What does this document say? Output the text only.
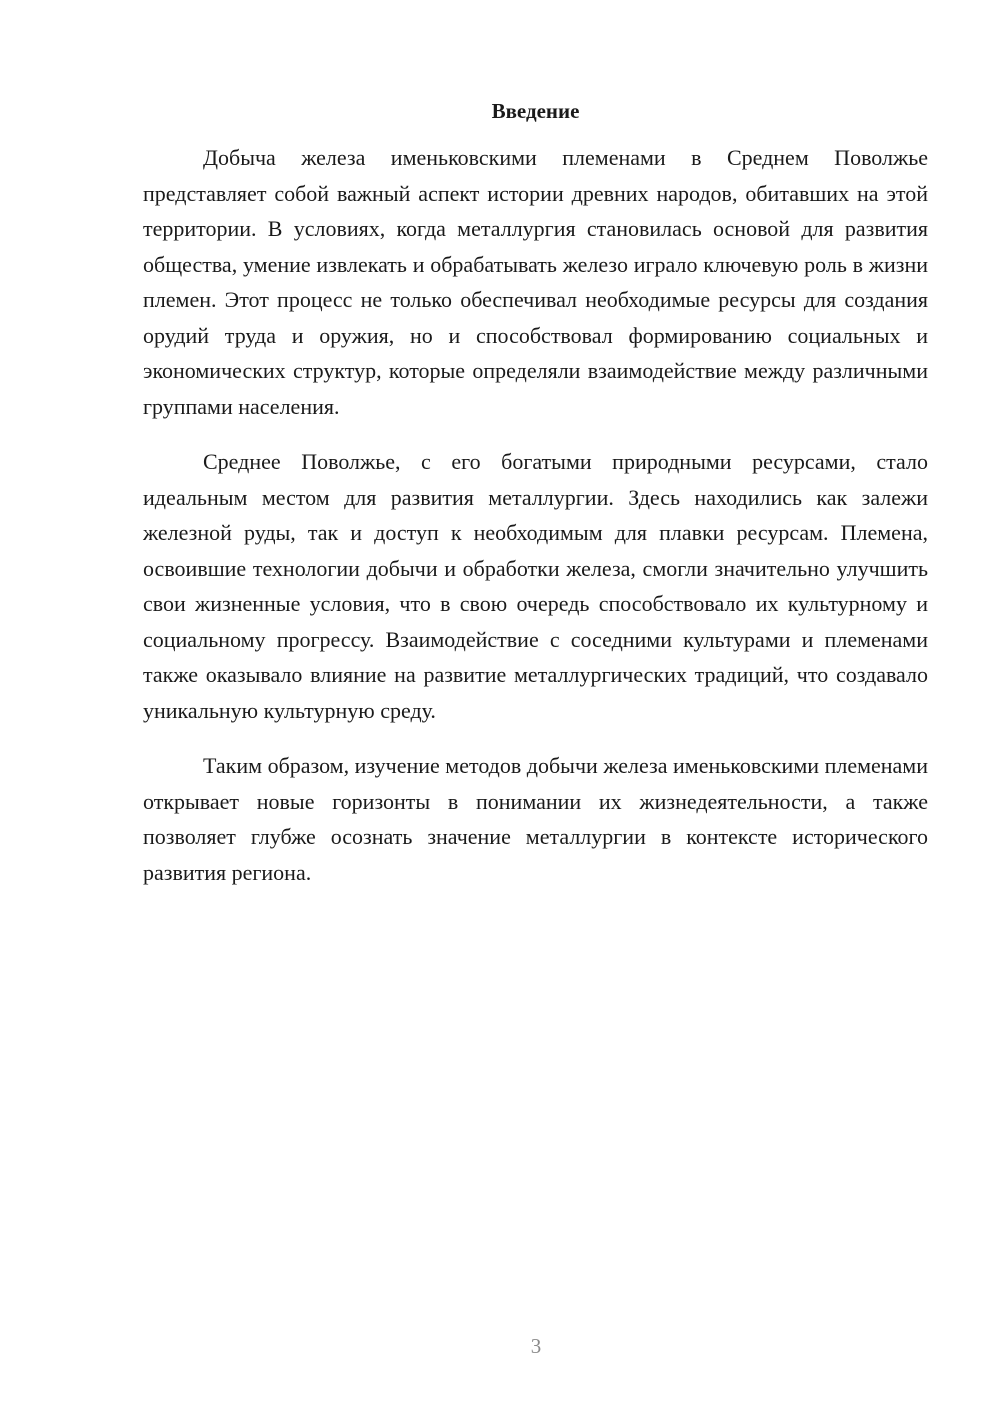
Введение

Добыча железа именьковскими племенами в Среднем Поволжье представляет собой важный аспект истории древних народов, обитавших на этой территории. В условиях, когда металлургия становилась основой для развития общества, умение извлекать и обрабатывать железо играло ключевую роль в жизни племен. Этот процесс не только обеспечивал необходимые ресурсы для создания орудий труда и оружия, но и способствовал формированию социальных и экономических структур, которые определяли взаимодействие между различными группами населения.

Среднее Поволжье, с его богатыми природными ресурсами, стало идеальным местом для развития металлургии. Здесь находились как залежи железной руды, так и доступ к необходимым для плавки ресурсам. Племена, освоившие технологии добычи и обработки железа, смогли значительно улучшить свои жизненные условия, что в свою очередь способствовало их культурному и социальному прогрессу. Взаимодействие с соседними культурами и племенами также оказывало влияние на развитие металлургических традиций, что создавало уникальную культурную среду.

Таким образом, изучение методов добычи железа именьковскими племенами открывает новые горизонты в понимании их жизнедеятельности, а также позволяет глубже осознать значение металлургии в контексте исторического развития региона.

3
